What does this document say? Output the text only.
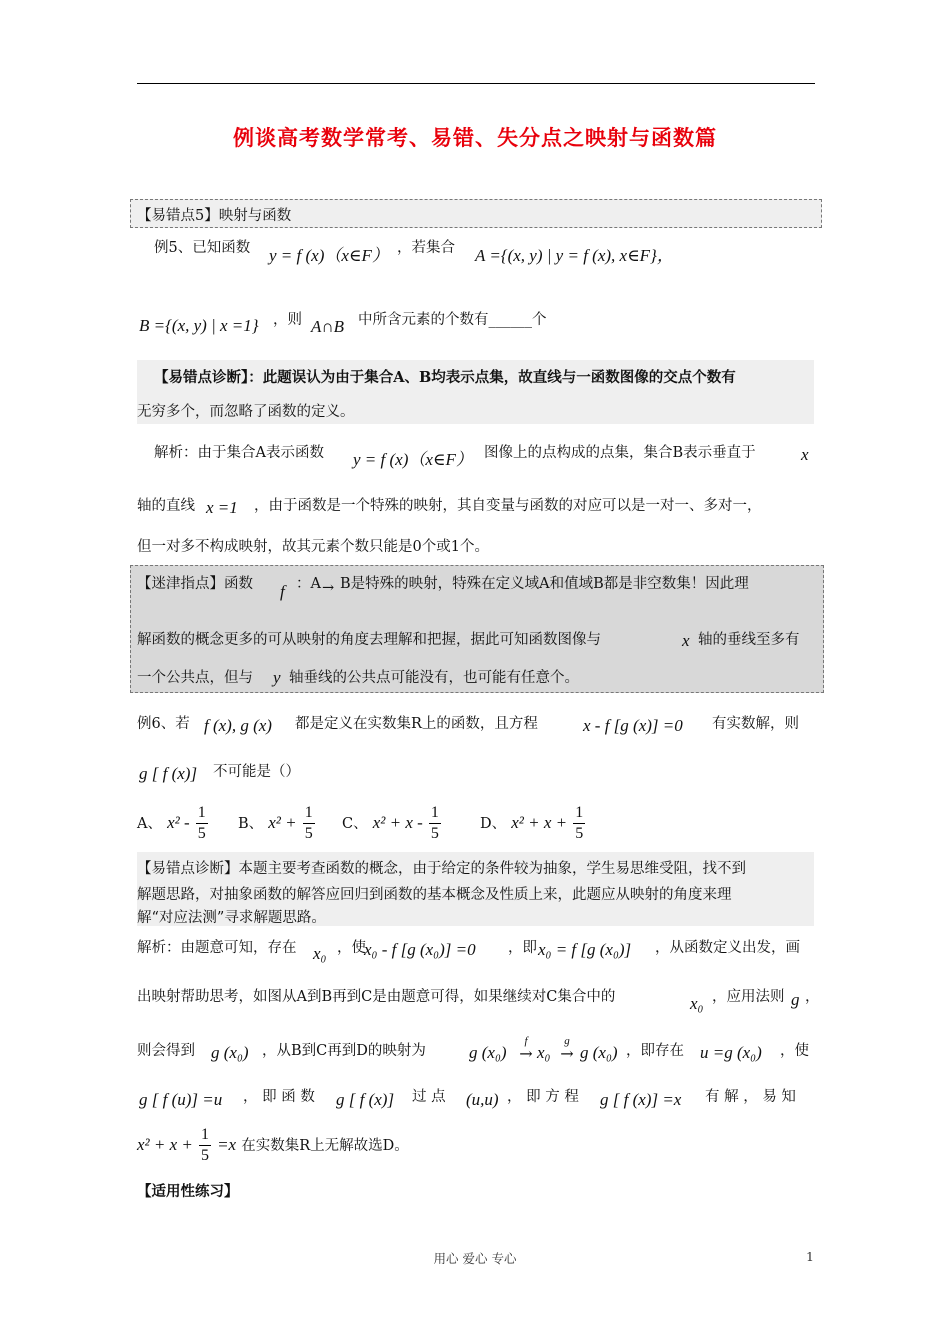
例谈高考数学常考、易错、失分点之映射与函数篇
【易错点5】映射与函数
例5、已知函数 y = f (x)（x∈F） ，若集合 A ={(x, y) | y = f (x), x∈F}，
B ={(x, y) | x =1} ，则 A∩B 中所含元素的个数有______个
【易错点诊断】：此题误认为由于集合A、B均表示点集，故直线与一函数图像的交点个数有
无穷多个，而忽略了函数的定义。
解析：由于集合A表示函数 y = f (x)（x∈F） 图像上的点构成的点集，集合B表示垂直于	x
轴的直线 x =1 ，由于函数是一个特殊的映射，其自变量与函数的对应可以是一对一、多对一，
但一对多不构成映射，故其元素个数只能是0个或1个。
【迷津指点】函数 f ：A → B是特殊的映射，特殊在定义域A和值域B都是非空数集！因此理
解函数的概念更多的可从映射的角度去理解和把握，据此可知函数图像与	x 轴的垂线至多有
一个公共点，但与 y 轴垂线的公共点可能没有，也可能有任意个。
例6、若 f (x), g (x) 都是定义在实数集R上的函数，且方程	x - f [g (x)] =0 有实数解，则
g [ f (x)] 不可能是（）
A、 $x^2 - \frac{1}{5}$ B、 $x^2 + \frac{1}{5}$ C、 $x^2 + x - \frac{1}{5}$	D、 $x^2 + x + \frac{1}{5}$
【易错点诊断】本题主要考查函数的概念，由于给定的条件较为抽象，学生易思维受阻，找不到
解题思路，对抽象函数的解答应回归到函数的基本概念及性质上来，此题应从映射的角度来理
解“对应法测”寻求解题思路。
解析：由题意可知，存在 x₀ ，使
x₀ - f [g (x₀)] =0 ，即 x₀ = f [g (x₀)] ，从函数定义出发，画
出映射帮助思考，如图从A到B再到C是由题意可得，如果继续对C集合中的	x₀ ，应用法则 g ，
则会得到 g (x₀) ，从B到C再到D的映射为	g (x₀)
f
→ x₀
g
→ g (x₀) ，即存在 u =g (x₀) ，使
g [ f (u)] =u ， 即 函 数 g [ f (x)] 过 点 (u,u) ， 即 方 程 g [ f (x)] =x 有 解 ， 易 知
$x^2 + x + \frac{1}{5} =x$ 在实数集R上无解故选D。
【适用性练习】
用心 爱心 专心	1
